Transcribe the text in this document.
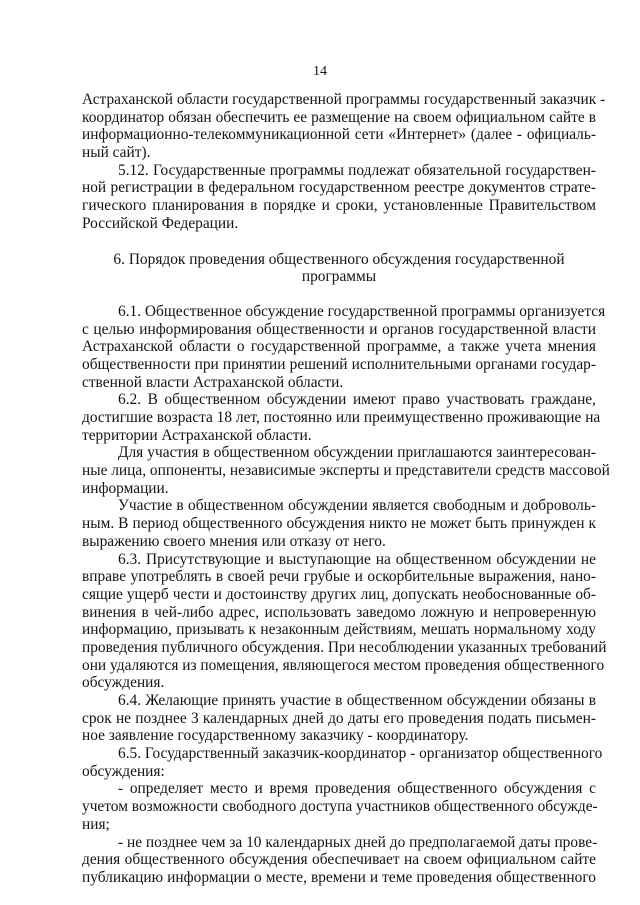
14
Астраханской области государственной программы государственный заказчик -
координатор обязан обеспечить ее размещение на своем официальном сайте в
информационно-телекоммуникационной сети «Интернет» (далее - официаль-
ный сайт).
5.12. Государственные программы подлежат обязательной государствен-
ной регистрации в федеральном государственном реестре документов страте-
гического планирования в порядке и сроки, установленные Правительством
Российской Федерации.
6. Порядок проведения общественного обсуждения государственной
программы
6.1. Общественное обсуждение государственной программы организуется
с целью информирования общественности и органов государственной власти
Астраханской области о государственной программе, а также учета мнения
общественности при принятии решений исполнительными органами государ-
ственной власти Астраханской области.
6.2. В общественном обсуждении имеют право участвовать граждане,
достигшие возраста 18 лет, постоянно или преимущественно проживающие на
территории Астраханской области.
Для участия в общественном обсуждении приглашаются заинтересован-
ные лица, оппоненты, независимые эксперты и представители средств массовой
информации.
Участие в общественном обсуждении является свободным и доброволь-
ным. В период общественного обсуждения никто не может быть принужден к
выражению своего мнения или отказу от него.
6.3. Присутствующие и выступающие на общественном обсуждении не
вправе употреблять в своей речи грубые и оскорбительные выражения, нано-
сящие ущерб чести и достоинству других лиц, допускать необоснованные об-
винения в чей-либо адрес, использовать заведомо ложную и непроверенную
информацию, призывать к незаконным действиям, мешать нормальному ходу
проведения публичного обсуждения. При несоблюдении указанных требований
они удаляются из помещения, являющегося местом проведения общественного
обсуждения.
6.4. Желающие принять участие в общественном обсуждении обязаны в
срок не позднее 3 календарных дней до даты его проведения подать письмен-
ное заявление государственному заказчику - координатору.
6.5. Государственный заказчик-координатор - организатор общественного
обсуждения:
- определяет место и время проведения общественного обсуждения с
учетом возможности свободного доступа участников общественного обсужде-
ния;
- не позднее чем за 10 календарных дней до предполагаемой даты прове-
дения общественного обсуждения обеспечивает на своем официальном сайте
публикацию информации о месте, времени и теме проведения общественного
